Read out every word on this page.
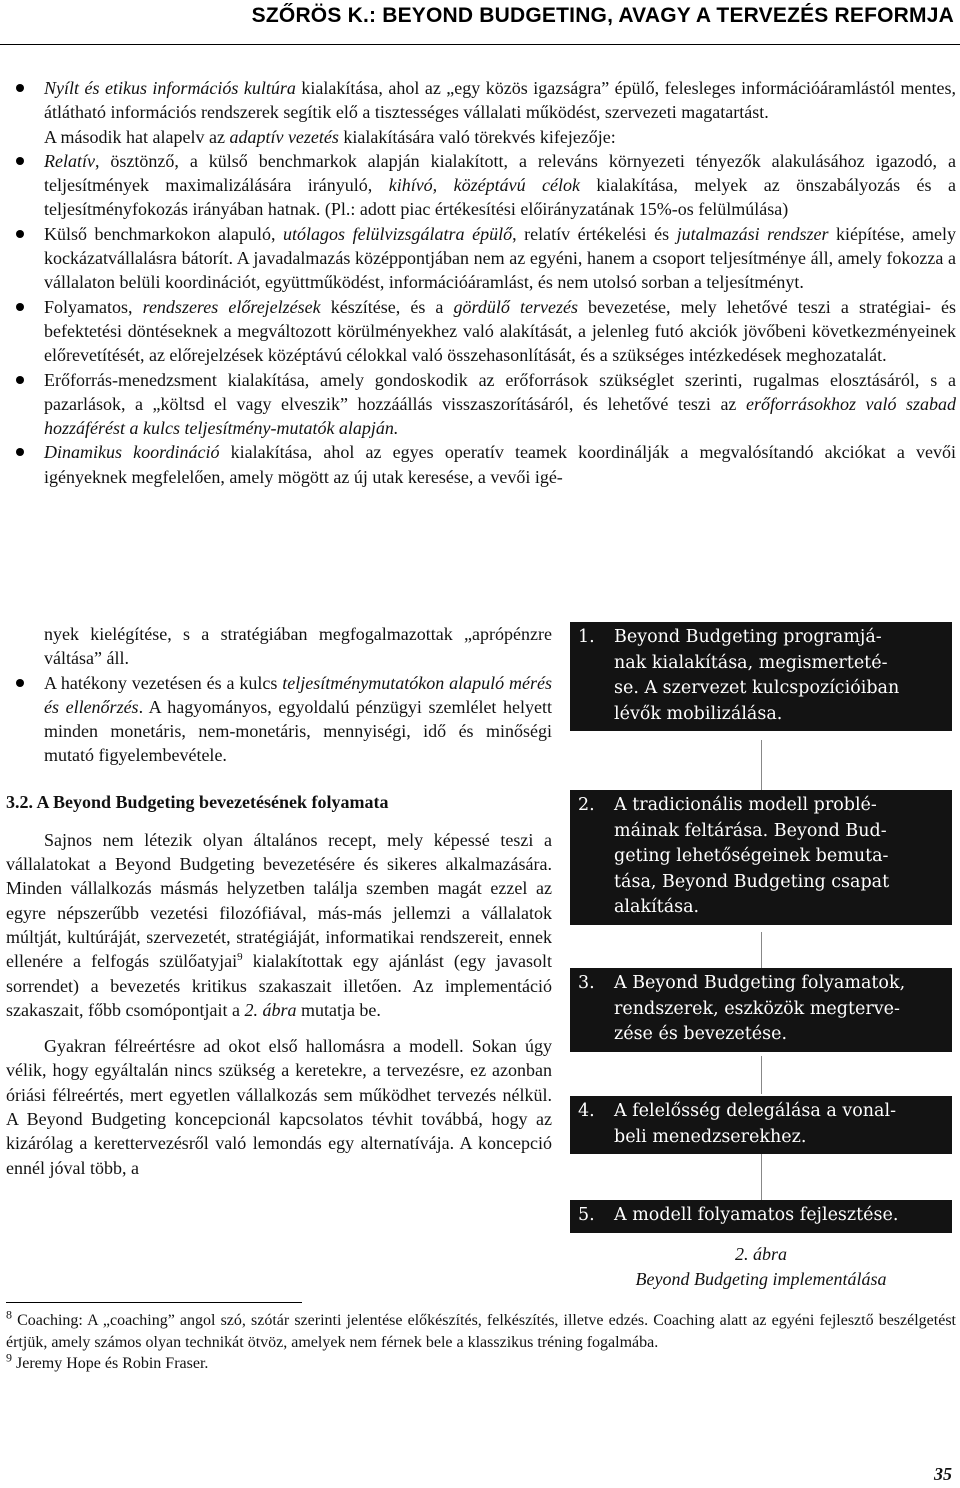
SZŐRÖS K.: BEYOND BUDGETING, AVAGY A TERVEZÉS REFORMJA

Nyílt és etikus információs kultúra kialakítása, ahol az „egy közös igazságra” épülő, felesleges információáramlástól mentes, átlátható információs rendszerek segítik elő a tisztességes vállalati működést, szervezeti magatartást.

A második hat alapelv az adaptív vezetés kialakítására való törekvés kifejezője:

Relatív, ösztönző, a külső benchmarkok alapján kialakított, a releváns környezeti tényezők alakulásához igazodó, a teljesítmények maximalizálására irányuló, kihívó, középtávú célok kialakítása, melyek az önszabályozás és a teljesítményfokozás irányában hatnak. (Pl.: adott piac értékesítési előirányzatának 15%-os felülmúlása)

Külső benchmarkokon alapuló, utólagos felülvizsgálatra épülő, relatív értékelési és jutalmazási rendszer kiépítése, amely kockázatvállalásra bátorít. A javadalmazás középpontjában nem az egyéni, hanem a csoport teljesítménye áll, amely fokozza a vállalaton belüli koordinációt, együttműködést, információáramlást, és nem utolsó sorban a teljesítményt.

Folyamatos, rendszeres előrejelzések készítése, és a gördülő tervezés bevezetése, mely lehetővé teszi a stratégiai- és befektetési döntéseknek a megváltozott körülményekhez való alakítását, a jelenleg futó akciók jövőbeni következményeinek előrevetítését, az előrejelzések középtávú célokkal való összehasonlítását, és a szükséges intézkedések meghozatalát.

Erőforrás-menedzsment kialakítása, amely gondoskodik az erőforrások szükséglet szerinti, rugalmas elosztásáról, s a pazarlások, a „költsd el vagy elveszik” hozzáállás visszaszorításáról, és lehetővé teszi az erőforrásokhoz való szabad hozzáférést a kulcs teljesítmény-mutatók alapján.

Dinamikus koordináció kialakítása, ahol az egyes operatív teamek koordinálják a megvalósítandó akciókat a vevői igényeknek megfelelően, amely mögött az új utak keresése, a vevői igé-

nyek kielégítése, s a stratégiában megfogalmazottak „aprópénzre váltása” áll.

A hatékony vezetésen és a kulcs teljesítménymutatókon alapuló mérés és ellenőrzés. A hagyományos, egyoldalú pénzügyi szemlélet helyett minden monetáris, nem-monetáris, mennyiségi, idő és minőségi mutató figyelembevétele.

3.2. A Beyond Budgeting bevezetésének folyamata

Sajnos nem létezik olyan általános recept, mely képessé teszi a vállalatokat a Beyond Budgeting bevezetésére és sikeres alkalmazására. Minden vállalkozás másmás helyzetben találja szemben magát ezzel az egyre népszerűbb vezetési filozófiával, más-más jellemzi a vállalatok múltját, kultúráját, szervezetét, stratégiáját, informatikai rendszereit, ennek ellenére a felfogás szülőatyjai$^9$ kialakítottak egy ajánlást (egy javasolt sorrendet) a bevezetés kritikus szakaszait illetően. Az implementáció szakaszait, főbb csomópontjait a 2. ábra mutatja be.

Gyakran félreértésre ad okot első hallomásra a modell. Sokan úgy vélik, hogy egyáltalán nincs szükség a keretekre, a tervezésre, ez azonban óriási félreértés, mert egyetlen vállalkozás sem működhet tervezés nélkül. A Beyond Budgeting koncepcionál kapcsolatos tévhit továbbá, hogy az kizárólag a kerettervezésről való lemondás egy alternatívája. A koncepció ennél jóval több, a

1.	Beyond Budgeting programjá-
nak kialakítása, megismerteté-
se. A szervezet kulcspozícióiban
lévők mobilizálása.
2.	A tradicionális modell problé-
máinak feltárása. Beyond Bud-
geting lehetőségeinek bemuta-
tása, Beyond Budgeting csapat
alakítása.
3.	A Beyond Budgeting folyamatok,
rendszerek, eszközök megterve-
zése és bevezetése.
4.	A felelősség delegálása a vonal-
beli menedzserekhez.
5.	A modell folyamatos fejlesztése.
2. ábra
Beyond Budgeting implementálása

$^8$ Coaching: A „coaching” angol szó, szótár szerinti jelentése előkészítés, felkészítés, illetve edzés. Coaching alatt az egyéni fejlesztő beszélgetést értjük, amely számos olyan technikát ötvöz, amelyek nem férnek bele a klasszikus tréning fogalmába.

$^9$ Jeremy Hope és Robin Fraser.

35
